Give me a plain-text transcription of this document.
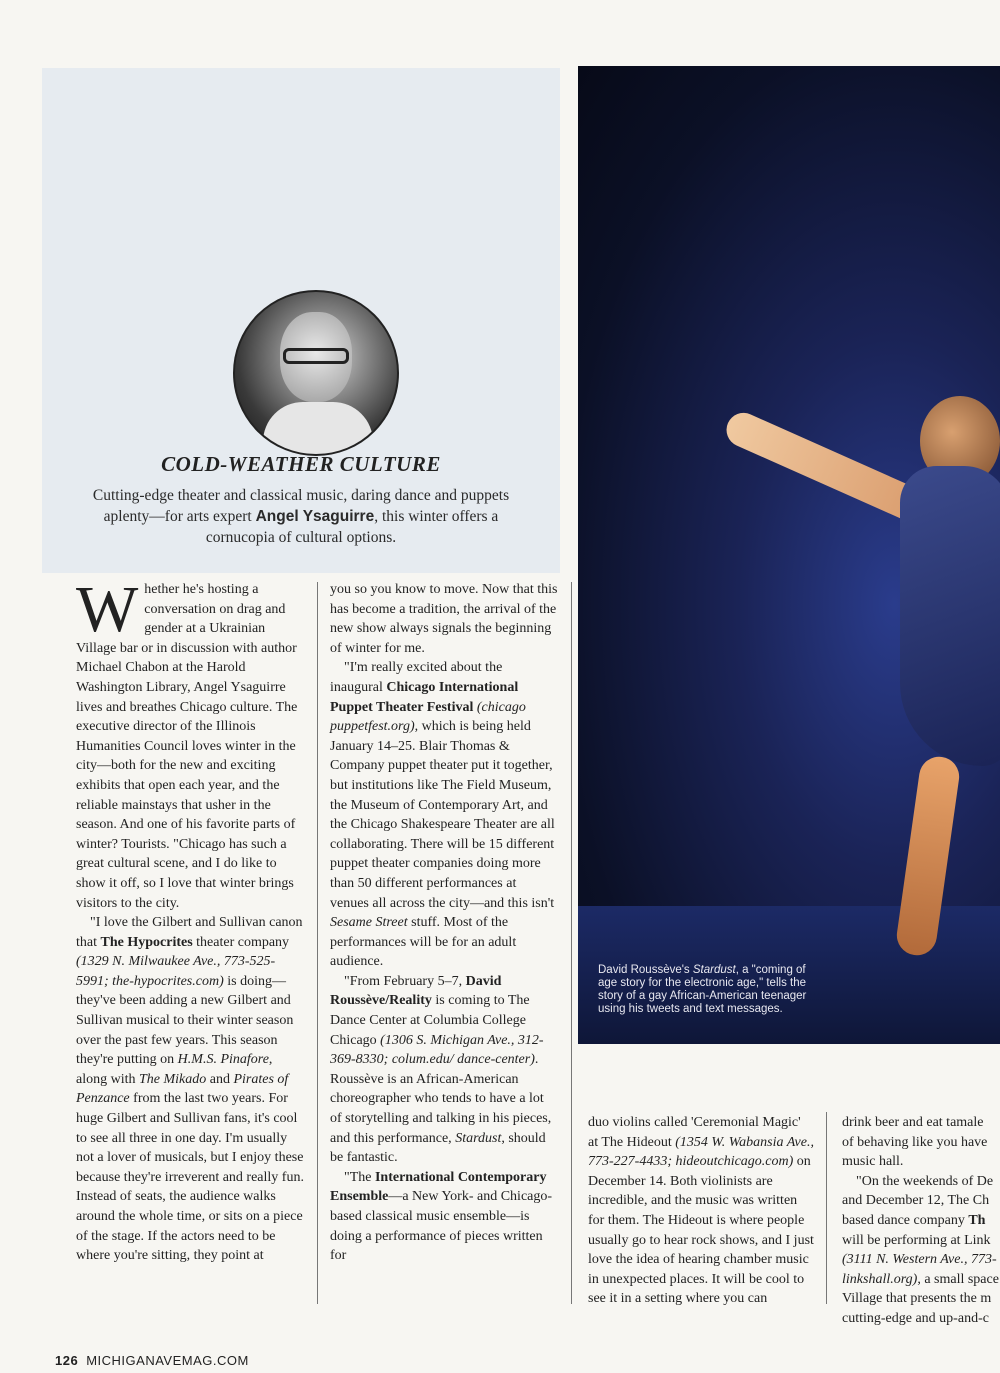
David Roussève's Stardust, a "coming of age story for the electronic age," tells the story of a gay African-American teenager using his tweets and text messages.
COLD-WEATHER CULTURE
Cutting-edge theater and classical music, daring dance and puppets aplenty—for arts expert Angel Ysaguirre, this winter offers a cornucopia of cultural options.

Whether he's hosting a conversation on drag and gender at a Ukrainian Village bar or in discussion with author Michael Chabon at the Harold Washington Library, Angel Ysaguirre lives and breathes Chicago culture. The executive director of the Illinois Humanities Council loves winter in the city—both for the new and exciting exhibits that open each year, and the reliable mainstays that usher in the season. And one of his favorite parts of winter? Tourists. "Chicago has such a great cultural scene, and I do like to show it off, so I love that winter brings visitors to the city.

"I love the Gilbert and Sullivan canon that The Hypocrites theater company (1329 N. Milwaukee Ave., 773-525-5991; the-hypocrites.com) is doing—they've been adding a new Gilbert and Sullivan musical to their winter season over the past few years. This season they're putting on H.M.S. Pinafore, along with The Mikado and Pirates of Penzance from the last two years. For huge Gilbert and Sullivan fans, it's cool to see all three in one day. I'm usually not a lover of musicals, but I enjoy these because they're irreverent and really fun. Instead of seats, the audience walks around the whole time, or sits on a piece of the stage. If the actors need to be where you're sitting, they point at

you so you know to move. Now that this has become a tradition, the arrival of the new show always signals the beginning of winter for me.

"I'm really excited about the inaugural Chicago International Puppet Theater Festival (chicago puppetfest.org), which is being held January 14–25. Blair Thomas & Company puppet theater put it together, but institutions like The Field Museum, the Museum of Contemporary Art, and the Chicago Shakespeare Theater are all collaborating. There will be 15 different puppet theater companies doing more than 50 different performances at venues all across the city—and this isn't Sesame Street stuff. Most of the performances will be for an adult audience.

"From February 5–7, David Roussève/Reality is coming to The Dance Center at Columbia College Chicago (1306 S. Michigan Ave., 312-369-8330; colum.edu/ dance-center). Roussève is an African-American choreographer who tends to have a lot of storytelling and talking in his pieces, and this performance, Stardust, should be fantastic.

"The International Contemporary Ensemble—a New York- and Chicago-based classical music ensemble—is doing a performance of pieces written for

duo violins called 'Ceremonial Magic' at The Hideout (1354 W. Wabansia Ave., 773-227-4433; hideoutchicago.com) on December 14. Both violinists are incredible, and the music was written for them. The Hideout is where people usually go to hear rock shows, and I just love the idea of hearing chamber music in unexpected places. It will be cool to see it in a setting where you can

drink beer and eat tamale
of behaving like you have
music hall.
"On the weekends of De
and December 12, The Ch
based dance company Th
will be performing at Link
(3111 N. Western Ave., 773-
linkshall.org), a small space
Village that presents the m
cutting-edge and up-and-c
126 MICHIGANAVEMAG.COM
